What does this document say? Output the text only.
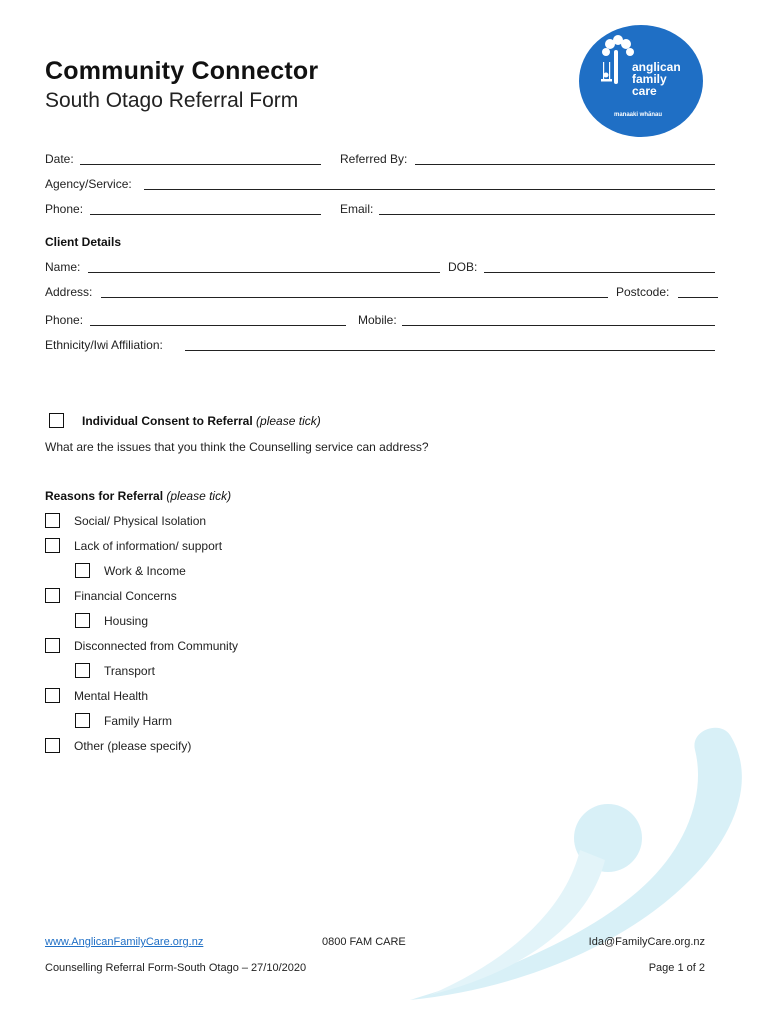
Community Connector
South Otago Referral Form
anglican
family
care
manaaki whānau
Date:	Referred By:
Agency/Service:
Phone:	Email:
Client Details
Name:	DOB:
Address:	Postcode:
Phone:	Mobile:
Ethnicity/Iwi Affiliation:
Individual Consent to Referral (please tick)
What are the issues that you think the Counselling service can address?
Reasons for Referral (please tick)
Social/ Physical Isolation
Lack of information/ support
Work & Income
Financial Concerns
Housing
Disconnected from Community
Transport
Mental Health
Family Harm
Other (please specify)
www.AnglicanFamilyCare.org.nz	0800 FAM CARE	Ida@FamilyCare.org.nz
Counselling Referral Form-South Otago – 27/10/2020	Page 1 of 2
